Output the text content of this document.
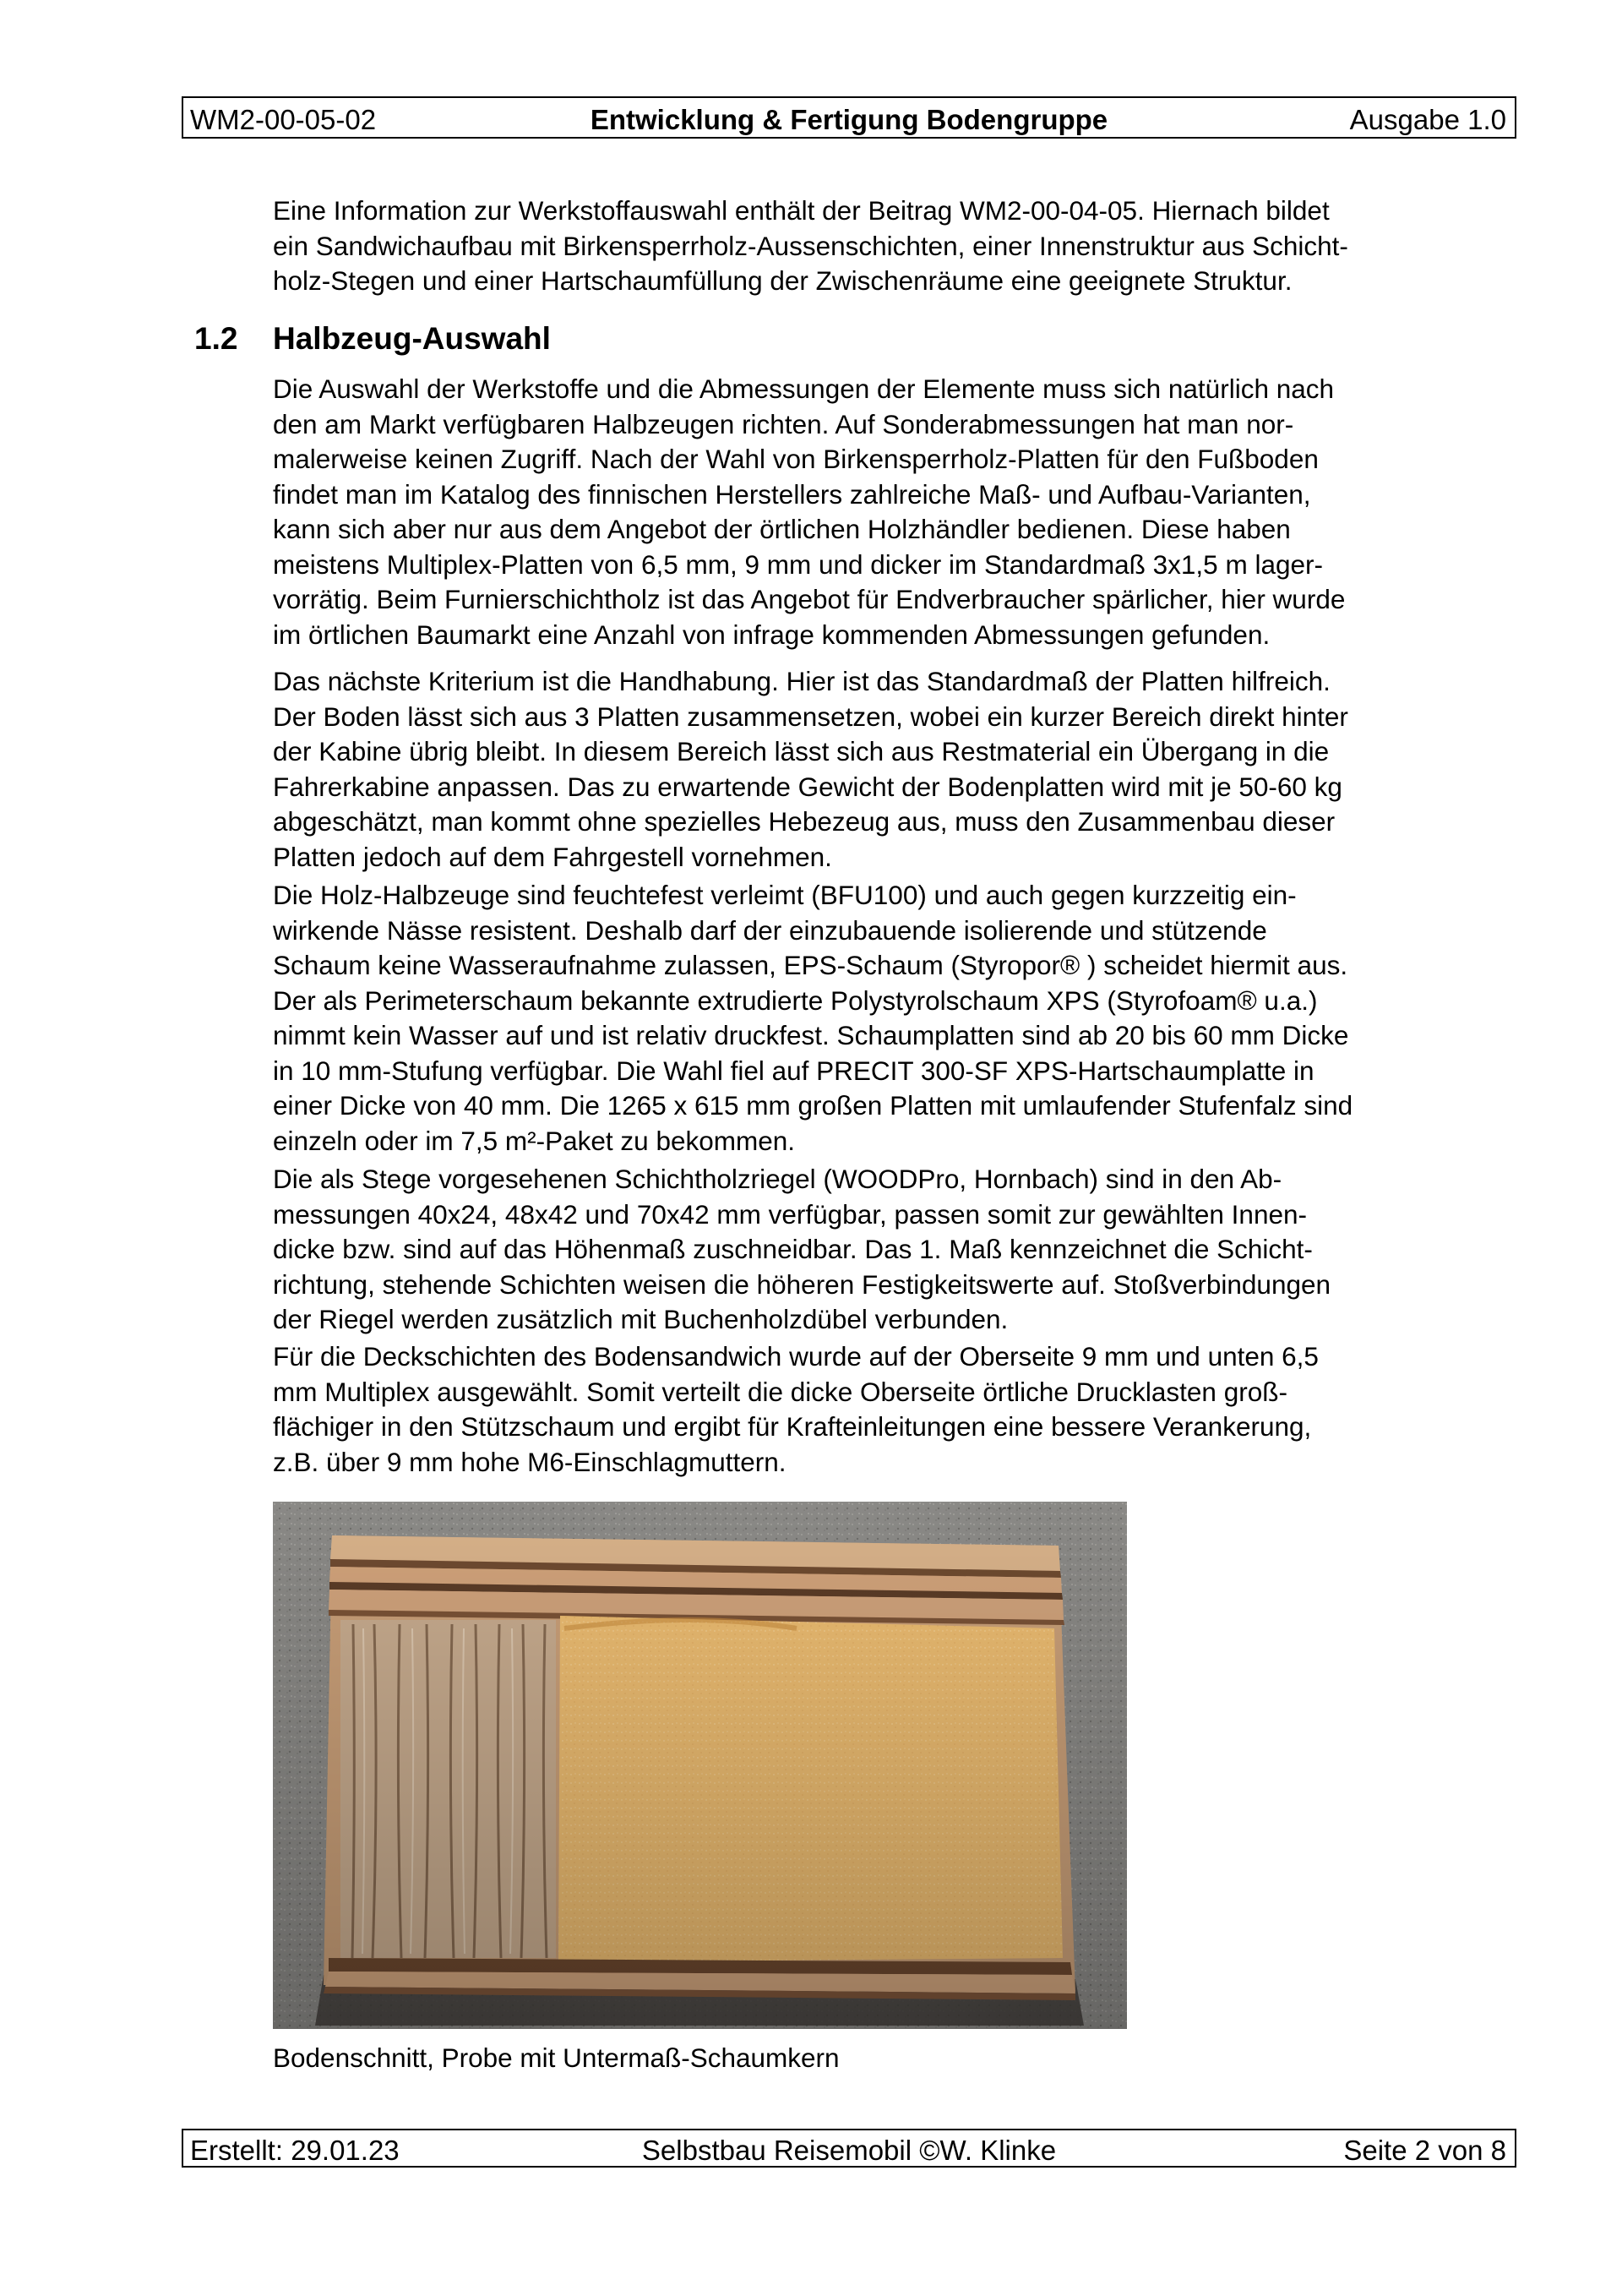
WM2-00-05-02	Entwicklung & Fertigung Bodengruppe	Ausgabe 1.0
Eine Information zur Werkstoffauswahl enthält der Beitrag WM2-00-04-05. Hiernach bildet
ein Sandwichaufbau mit Birkensperrholz-Aussenschichten, einer Innenstruktur aus Schicht-
holz-Stegen und einer Hartschaumfüllung der Zwischenräume eine geeignete Struktur.
1.2 Halbzeug-Auswahl
Die Auswahl der Werkstoffe und die Abmessungen der Elemente muss sich natürlich nach
den am Markt verfügbaren Halbzeugen richten. Auf Sonderabmessungen hat man nor-
malerweise keinen Zugriff. Nach der Wahl von Birkensperrholz-Platten für den Fußboden
findet man im Katalog des finnischen Herstellers zahlreiche Maß- und Aufbau-Varianten,
kann sich aber nur aus dem Angebot der örtlichen Holzhändler bedienen. Diese haben
meistens Multiplex-Platten von 6,5 mm, 9 mm und dicker im Standardmaß 3x1,5 m lager-
vorrätig. Beim Furnierschichtholz ist das Angebot für Endverbraucher spärlicher, hier wurde
im örtlichen Baumarkt eine Anzahl von infrage kommenden Abmessungen gefunden.
Das nächste Kriterium ist die Handhabung. Hier ist das Standardmaß der Platten hilfreich.
Der Boden lässt sich aus 3 Platten zusammensetzen, wobei ein kurzer Bereich direkt hinter
der Kabine übrig bleibt. In diesem Bereich lässt sich aus Restmaterial ein Übergang in die
Fahrerkabine anpassen. Das zu erwartende Gewicht der Bodenplatten wird mit je 50-60 kg
abgeschätzt, man kommt ohne spezielles Hebezeug aus, muss den Zusammenbau dieser
Platten jedoch auf dem Fahrgestell vornehmen.
Die Holz-Halbzeuge sind feuchtefest verleimt (BFU100) und auch gegen kurzzeitig ein-
wirkende Nässe resistent. Deshalb darf der einzubauende isolierende und stützende
Schaum keine Wasseraufnahme zulassen, EPS-Schaum (Styropor® ) scheidet hiermit aus.
Der als Perimeterschaum bekannte extrudierte Polystyrolschaum XPS (Styrofoam® u.a.)
nimmt kein Wasser auf und ist relativ druckfest. Schaumplatten sind ab 20 bis 60 mm Dicke
in 10 mm-Stufung verfügbar. Die Wahl fiel auf PRECIT 300-SF XPS-Hartschaumplatte in
einer Dicke von 40 mm. Die 1265 x 615 mm großen Platten mit umlaufender Stufenfalz sind
einzeln oder im 7,5 m²-Paket zu bekommen.
Die als Stege vorgesehenen Schichtholzriegel (WOODPro, Hornbach) sind in den Ab-
messungen 40x24, 48x42 und 70x42 mm verfügbar, passen somit zur gewählten Innen-
dicke bzw. sind auf das Höhenmaß zuschneidbar. Das 1. Maß kennzeichnet die Schicht-
richtung, stehende Schichten weisen die höheren Festigkeitswerte auf. Stoßverbindungen
der Riegel werden zusätzlich mit Buchenholzdübel verbunden.
Für die Deckschichten des Bodensandwich wurde auf der Oberseite 9 mm und unten 6,5
mm Multiplex ausgewählt. Somit verteilt die dicke Oberseite örtliche Drucklasten groß-
flächiger in den Stützschaum und ergibt für Krafteinleitungen eine bessere Verankerung,
z.B. über 9 mm hohe M6-Einschlagmuttern.
Bodenschnitt, Probe mit Untermaß-Schaumkern
Erstellt: 29.01.23	Selbstbau Reisemobil ©W. Klinke	Seite 2 von 8
